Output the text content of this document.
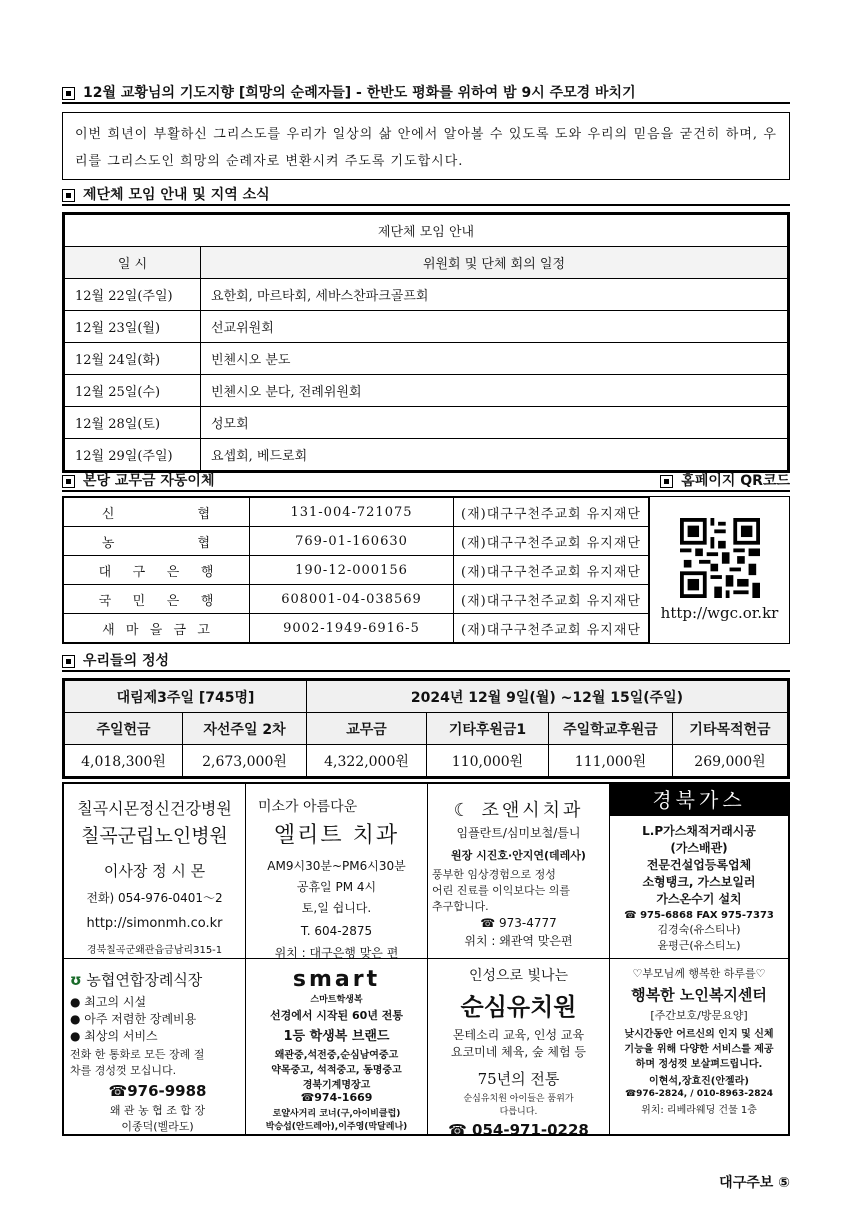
12월 교황님의 기도지향 [희망의 순례자들] - 한반도 평화를 위하여 밤 9시 주모경 바치기
이번 희년이 부활하신 그리스도를 우리가 일상의 삶 안에서 알아볼 수 있도록 도와 우리의 믿음을 굳건히 하며, 우리를 그리스도인 희망의 순례자로 변환시켜 주도록 기도합시다.
제단체 모임 안내 및 지역 소식
제단체 모임 안내	
일 시	위원회 및 단체 회의 일정
12월 22일(주일)	요한회, 마르타회, 세바스찬파크골프회
12월 23일(월)	선교위원회
12월 24일(화)	빈첸시오 분도
12월 25일(수)	빈첸시오 분다, 전례위원회
12월 28일(토)	성모회
12월 29일(주일)	요셉회, 베드로회
본당 교무금 자동이체	홈페이지 QR코드
신                협	131-004-721075	(재)대구구천주교회 유지재단
농                협	769-01-160630	(재)대구구천주교회 유지재단
대    구    은    행	190-12-000156	(재)대구구천주교회 유지재단
국    민    은    행	608001-04-038569	(재)대구구천주교회 유지재단
새  마  을  금  고	9002-1949-6916-5	(재)대구구천주교회 유지재단
http://wgc.or.kr
우리들의 정성
대림제3주일 [745명]		2024년 12월 9일(월) ~12월 15일(주일)			
주일헌금	자선주일 2차	교무금	기타후원금1	주일학교후원금	기타목적헌금
4,018,300원	2,673,000원	4,322,000원	110,000원	111,000원	269,000원
칠곡시몬정신건강병원
칠곡군립노인병원
이사장 정 시 몬
전화) 054-976-0401～2
http://simonmh.co.kr
경북칠곡군왜관읍금남리315-1
미소가 아름다운
엘리트 치과
AM9시30분~PM6시30분
공휴일 PM 4시
토,일 쉽니다.
T. 604-2875
위치 : 대구은행 맞은 편
☾ 조앤시치과
임플란트/심미보철/틀니
원장 시진호·안지연(데레사)
풍부한 임상경험으로 정성
어린 진료를 이익보다는 의를
추구합니다.
☎ 973-4777
위치 : 왜관역 맞은편
경북가스
L.P가스채적거래시공
(가스배관)
전문건설업등록업체
소형탱크, 가스보일러
가스온수기 설치
☎ 975-6868 FAX 975-7373
김경숙(유스티나)
윤평근(유스티노)
ʊ 농협연합장례식장
● 최고의 시설
● 아주 저렴한 장례비용
● 최상의 서비스
전화 한 통화로 모든 장례 절
차를 경성껏 모십니다.
☎976-9988
왜 관 농 협 조 합 장
이종덕(벨라도)
smart
스마트학생복
선경에서 시작된 60년 전통
1등 학생복 브랜드
왜관중,석전중,순심남여중고
약목중고, 석적중고, 동명중고
경북기계명장고
☎974-1669
로얄사거리 코너(구,아이비클럽)
박승섭(안드레아),이주영(막달레나)
인성으로 빛나는
순심유치원
몬테소리 교육, 인성 교육
요코미네 체육, 숲 체험 등
75년의 전통
순심유치원 아이들은 품위가
다릅니다.
☎ 054-971-0228
♡부모님께 행복한 하루를♡
행복한 노인복지센터
[주간보호/방문요양]
낮시간동안 어르신의 인지 및 신체
기능을 위해 다양한 서비스를 제공
하며 정성껏 보살펴드립니다.
이현석,장효진(안젤라)
☎976-2824, / 010-8963-2824
위치: 리베라웨딩 건물 1층
대구주보 ⑤
